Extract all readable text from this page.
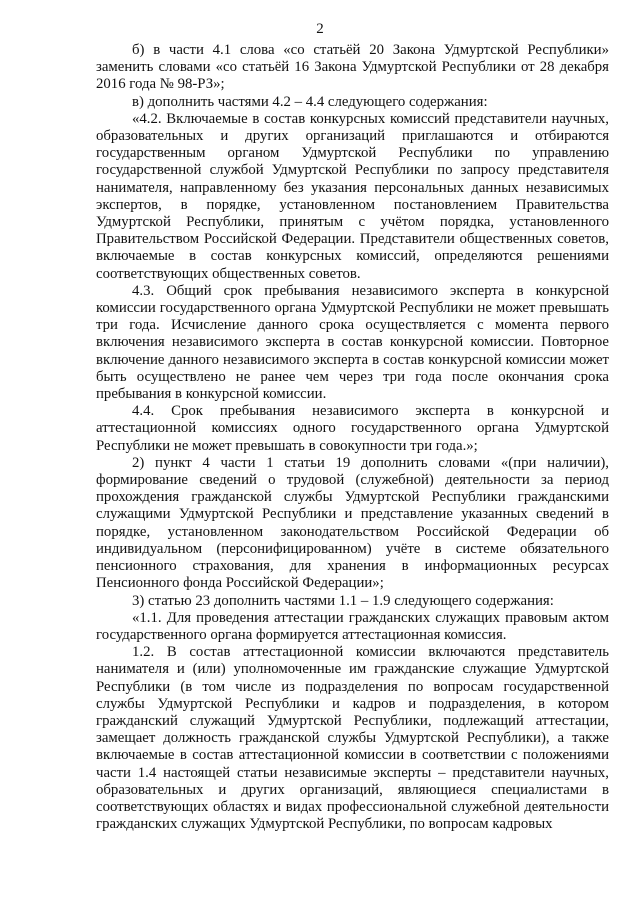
2

б) в части 4.1 слова «со статьёй 20 Закона Удмуртской Республики» заменить словами «со статьёй 16 Закона Удмуртской Республики от 28 декабря 2016 года № 98-РЗ»;

в) дополнить частями 4.2 – 4.4 следующего содержания:

«4.2. Включаемые в состав конкурсных комиссий представители научных, образовательных и других организаций приглашаются и отбираются государственным органом Удмуртской Республики по управлению государственной службой Удмуртской Республики по запросу представителя нанимателя, направленному без указания персональных данных независимых экспертов, в порядке, установленном постановлением Правительства Удмуртской Республики, принятым с учётом порядка, установленного Правительством Российской Федерации. Представители общественных советов, включаемые в состав конкурсных комиссий, определяются решениями соответствующих общественных советов.

4.3. Общий срок пребывания независимого эксперта в конкурсной комиссии государственного органа Удмуртской Республики не может превышать три года. Исчисление данного срока осуществляется с момента первого включения независимого эксперта в состав конкурсной комиссии. Повторное включение данного независимого эксперта в состав конкурсной комиссии может быть осуществлено не ранее чем через три года после окончания срока пребывания в конкурсной комиссии.

4.4. Срок пребывания независимого эксперта в конкурсной и аттестационной комиссиях одного государственного органа Удмуртской Республики не может превышать в совокупности три года.»;

2) пункт 4 части 1 статьи 19 дополнить словами «(при наличии), формирование сведений о трудовой (служебной) деятельности за период прохождения гражданской службы Удмуртской Республики гражданскими служащими Удмуртской Республики и представление указанных сведений в порядке, установленном законодательством Российской Федерации об индивидуальном (персонифицированном) учёте в системе обязательного пенсионного страхования, для хранения в информационных ресурсах Пенсионного фонда Российской Федерации»;

3) статью 23 дополнить частями 1.1 – 1.9 следующего содержания:

«1.1. Для проведения аттестации гражданских служащих правовым актом государственного органа формируется аттестационная комиссия.

1.2. В состав аттестационной комиссии включаются представитель нанимателя и (или) уполномоченные им гражданские служащие Удмуртской Республики (в том числе из подразделения по вопросам государственной службы Удмуртской Республики и кадров и подразделения, в котором гражданский служащий Удмуртской Республики, подлежащий аттестации, замещает должность гражданской службы Удмуртской Республики), а также включаемые в состав аттестационной комиссии в соответствии с положениями части 1.4 настоящей статьи независимые эксперты – представители научных, образовательных и других организаций, являющиеся специалистами в соответствующих областях и видах профессиональной служебной деятельности гражданских служащих Удмуртской Республики, по вопросам кадровых
